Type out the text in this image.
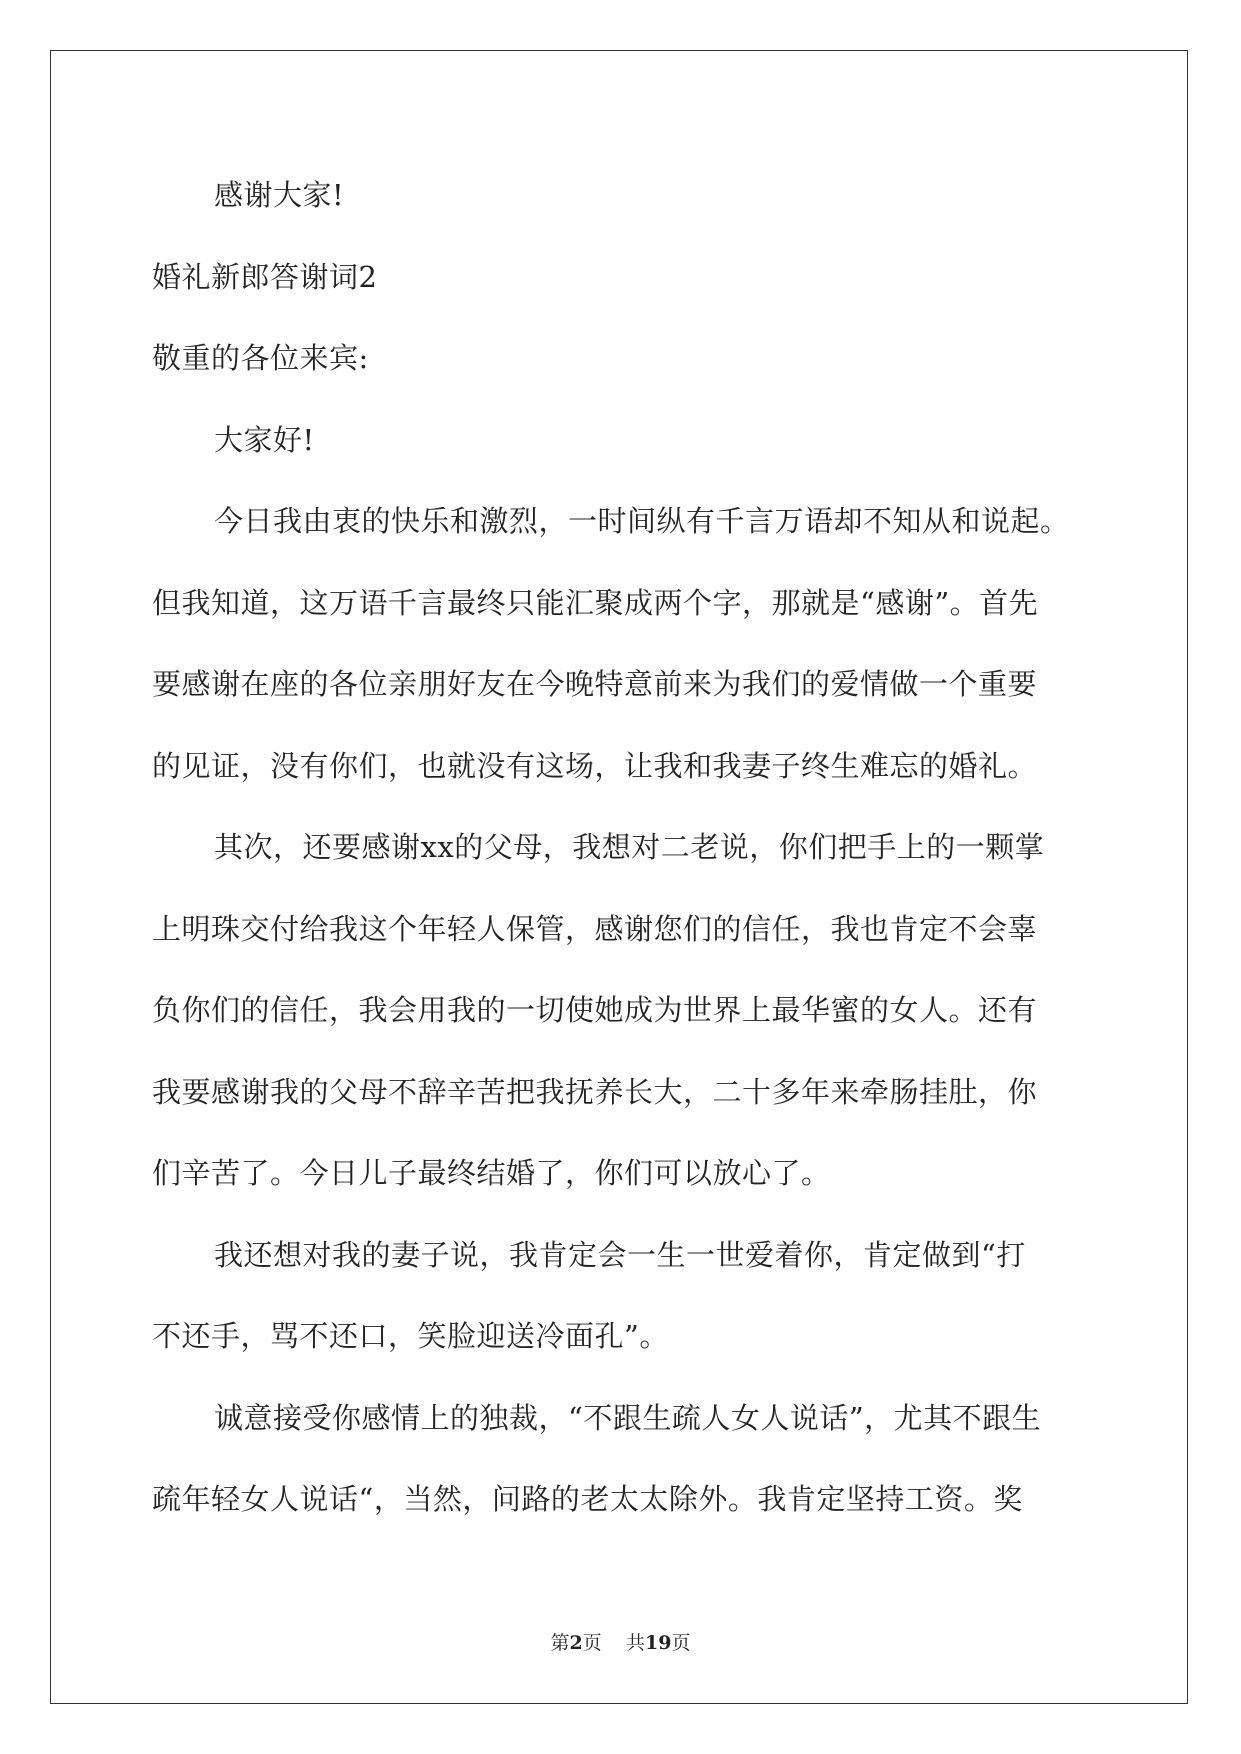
感谢大家!
婚礼新郎答谢词2
敬重的各位来宾:
大家好!
今日我由衷的快乐和激烈，一时间纵有千言万语却不知从和说起。
但我知道，这万语千言最终只能汇聚成两个字，那就是“感谢”。首先
要感谢在座的各位亲朋好友在今晚特意前来为我们的爱情做一个重要
的见证，没有你们，也就没有这场，让我和我妻子终生难忘的婚礼。
其次，还要感谢xx的父母，我想对二老说，你们把手上的一颗掌
上明珠交付给我这个年轻人保管，感谢您们的信任，我也肯定不会辜
负你们的信任，我会用我的一切使她成为世界上最华蜜的女人。还有
我要感谢我的父母不辞辛苦把我抚养长大，二十多年来牵肠挂肚，你
们辛苦了。今日儿子最终结婚了，你们可以放心了。
我还想对我的妻子说，我肯定会一生一世爱着你，肯定做到“打
不还手，骂不还口，笑脸迎送冷面孔”。
诚意接受你感情上的独裁，“不跟生疏人女人说话”，尤其不跟生
疏年轻女人说话“，当然，问路的老太太除外。我肯定坚持工资。奖
第2页 共19页
